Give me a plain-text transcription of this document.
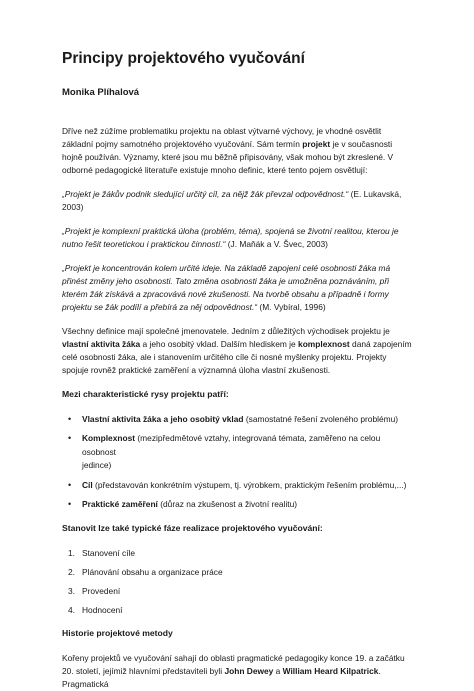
Principy projektového vyučování
Monika Plíhalová

Dříve než zúžíme problematiku projektu na oblast výtvarné výchovy, je vhodné osvětlit základní pojmy samotného projektového vyučování. Sám termín projekt je v současnosti hojně používán. Významy, které jsou mu běžně připisovány, však mohou být zkreslené. V odborné pedagogické literatuře existuje mnoho definic, které tento pojem osvětlují:

„Projekt je žákův podnik sledující určitý cíl, za nějž žák převzal odpovědnost.“ (E. Lukavská, 2003)

„Projekt je komplexní praktická úloha (problém, téma), spojená se životní realitou, kterou je nutno řešit teoretickou i praktickou činností.“ (J. Maňák a V. Švec, 2003)

„Projekt je koncentrován kolem určité ideje. Na základě zapojení celé osobnosti žáka má přinést změny jeho osobnosti. Tato změna osobnosti žáka je umožněna poznáváním, při kterém žák získává a zpracovává nové zkušenosti. Na tvorbě obsahu a případně i formy projektu se žák podílí a přebírá za něj odpovědnost.“ (M. Vybíral, 1996)

Všechny definice mají společné jmenovatele. Jedním z důležitých východisek projektu je vlastní aktivita žáka a jeho osobitý vklad. Dalším hlediskem je komplexnost daná zapojením celé osobnosti žáka, ale i stanovením určitého cíle či nosné myšlenky projektu. Projekty spojuje rovněž praktické zaměření a významná úloha vlastní zkušenosti.

Mezi charakteristické rysy projektu patří:
• Vlastní aktivita žáka a jeho osobitý vklad (samostatné řešení zvoleného problému)
• Komplexnost (mezipředmětové vztahy, integrovaná témata, zaměřeno na celou osobnost
jedince)
• Cíl (představován konkrétním výstupem, tj. výrobkem, praktickým řešením problému,...)
• Praktické zaměření (důraz na zkušenost a životní realitu)
Stanovit lze také typické fáze realizace projektového vyučování:
1. Stanovení cíle
2. Plánování obsahu a organizace práce
3. Provedení
4. Hodnocení
Historie projektové metody

Kořeny projektů ve vyučování sahají do oblasti pragmatické pedagogiky konce 19. a začátku 20. století, jejímiž hlavními představiteli byli John Dewey a William Heard Kilpatrick. Pragmatická
